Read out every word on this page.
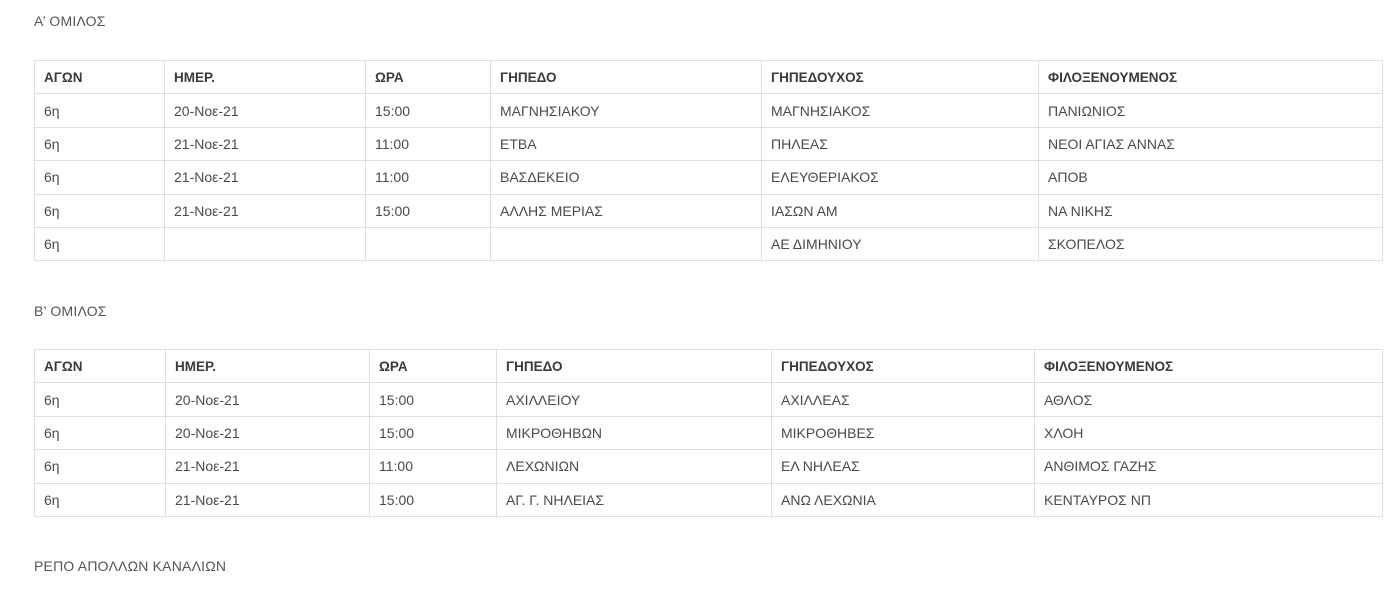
Α’ ΟΜΙΛΟΣ
ΑΓΩΝ	ΗΜΕΡ.	ΩΡΑ	ΓΗΠΕΔΟ	ΓΗΠΕΔΟΥΧΟΣ	ΦΙΛΟΞΕΝΟΥΜΕΝΟΣ
6η	20-Νοε-21	15:00	ΜΑΓΝΗΣΙΑΚΟΥ	ΜΑΓΝΗΣΙΑΚΟΣ	ΠΑΝΙΩΝΙΟΣ
6η	21-Νοε-21	11:00	ΕΤΒΑ	ΠΗΛΕΑΣ	ΝΕΟΙ ΑΓΙΑΣ ΑΝΝΑΣ
6η	21-Νοε-21	11:00	ΒΑΣΔΕΚΕΙΟ	ΕΛΕΥΘΕΡΙΑΚΟΣ	ΑΠΟΒ
6η	21-Νοε-21	15:00	ΑΛΛΗΣ ΜΕΡΙΑΣ	ΙΑΣΩΝ ΑΜ	ΝΑ ΝΙΚΗΣ
6η				ΑΕ ΔΙΜΗΝΙΟΥ	ΣΚΟΠΕΛΟΣ
Β’ ΟΜΙΛΟΣ
ΑΓΩΝ	ΗΜΕΡ.	ΩΡΑ	ΓΗΠΕΔΟ	ΓΗΠΕΔΟΥΧΟΣ	ΦΙΛΟΞΕΝΟΥΜΕΝΟΣ
6η	20-Νοε-21	15:00	ΑΧΙΛΛΕΙΟΥ	ΑΧΙΛΛΕΑΣ	ΑΘΛΟΣ
6η	20-Νοε-21	15:00	ΜΙΚΡΟΘΗΒΩΝ	ΜΙΚΡΟΘΗΒΕΣ	ΧΛΟΗ
6η	21-Νοε-21	11:00	ΛΕΧΩΝΙΩΝ	ΕΛ ΝΗΛΕΑΣ	ΑΝΘΙΜΟΣ ΓΑΖΗΣ
6η	21-Νοε-21	15:00	ΑΓ. Γ. ΝΗΛΕΙΑΣ	ΑΝΩ ΛΕΧΩΝΙΑ	ΚΕΝΤΑΥΡΟΣ ΝΠ
ΡΕΠΟ ΑΠΟΛΛΩΝ ΚΑΝΑΛΙΩΝ
